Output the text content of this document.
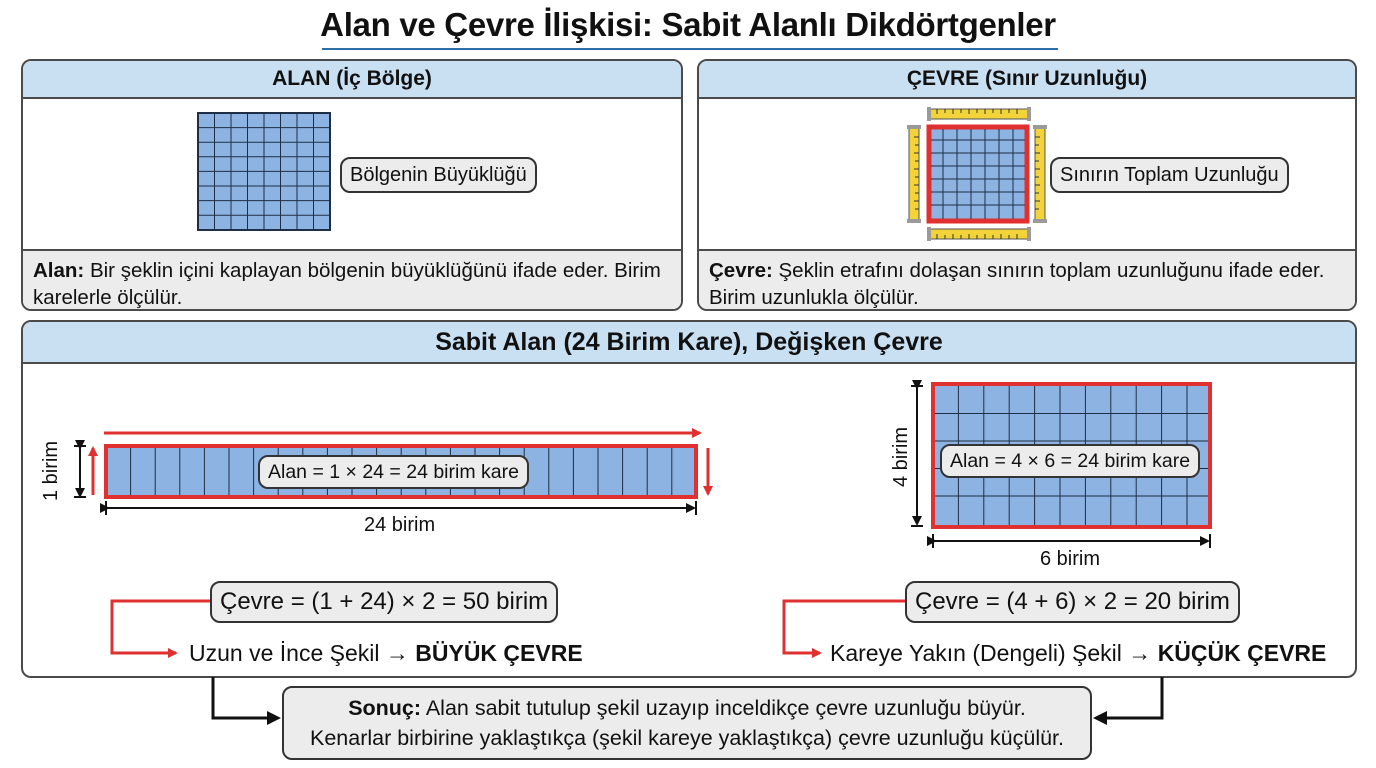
Alan ve Çevre İlişkisi: Sabit Alanlı Dikdörtgenler
ALAN (İç Bölge)
Bölgenin Büyüklüğü
Alan: Bir şeklin içini kaplayan bölgenin büyüklüğünü ifade eder. Birim karelerle ölçülür.
ÇEVRE (Sınır Uzunluğu)
Sınırın Toplam Uzunluğu
Çevre: Şeklin etrafını dolaşan sınırın toplam uzunluğunu ifade eder. Birim uzunlukla ölçülür.
Sabit Alan (24 Birim Kare), Değişken Çevre
1 birim
24 birim
Alan = 1 × 24 = 24 birim kare
Çevre = (1 + 24) × 2 = 50 birim
Uzun ve İnce Şekil → BÜYÜK ÇEVRE
4 birim
6 birim
Alan = 4 × 6 = 24 birim kare
Çevre = (4 + 6) × 2 = 20 birim
Kareye Yakın (Dengeli) Şekil → KÜÇÜK ÇEVRE
Sonuç: Alan sabit tutulup şekil uzayıp inceldikçe çevre uzunluğu büyür.
Kenarlar birbirine yaklaştıkça (şekil kareye yaklaştıkça) çevre uzunluğu küçülür.
